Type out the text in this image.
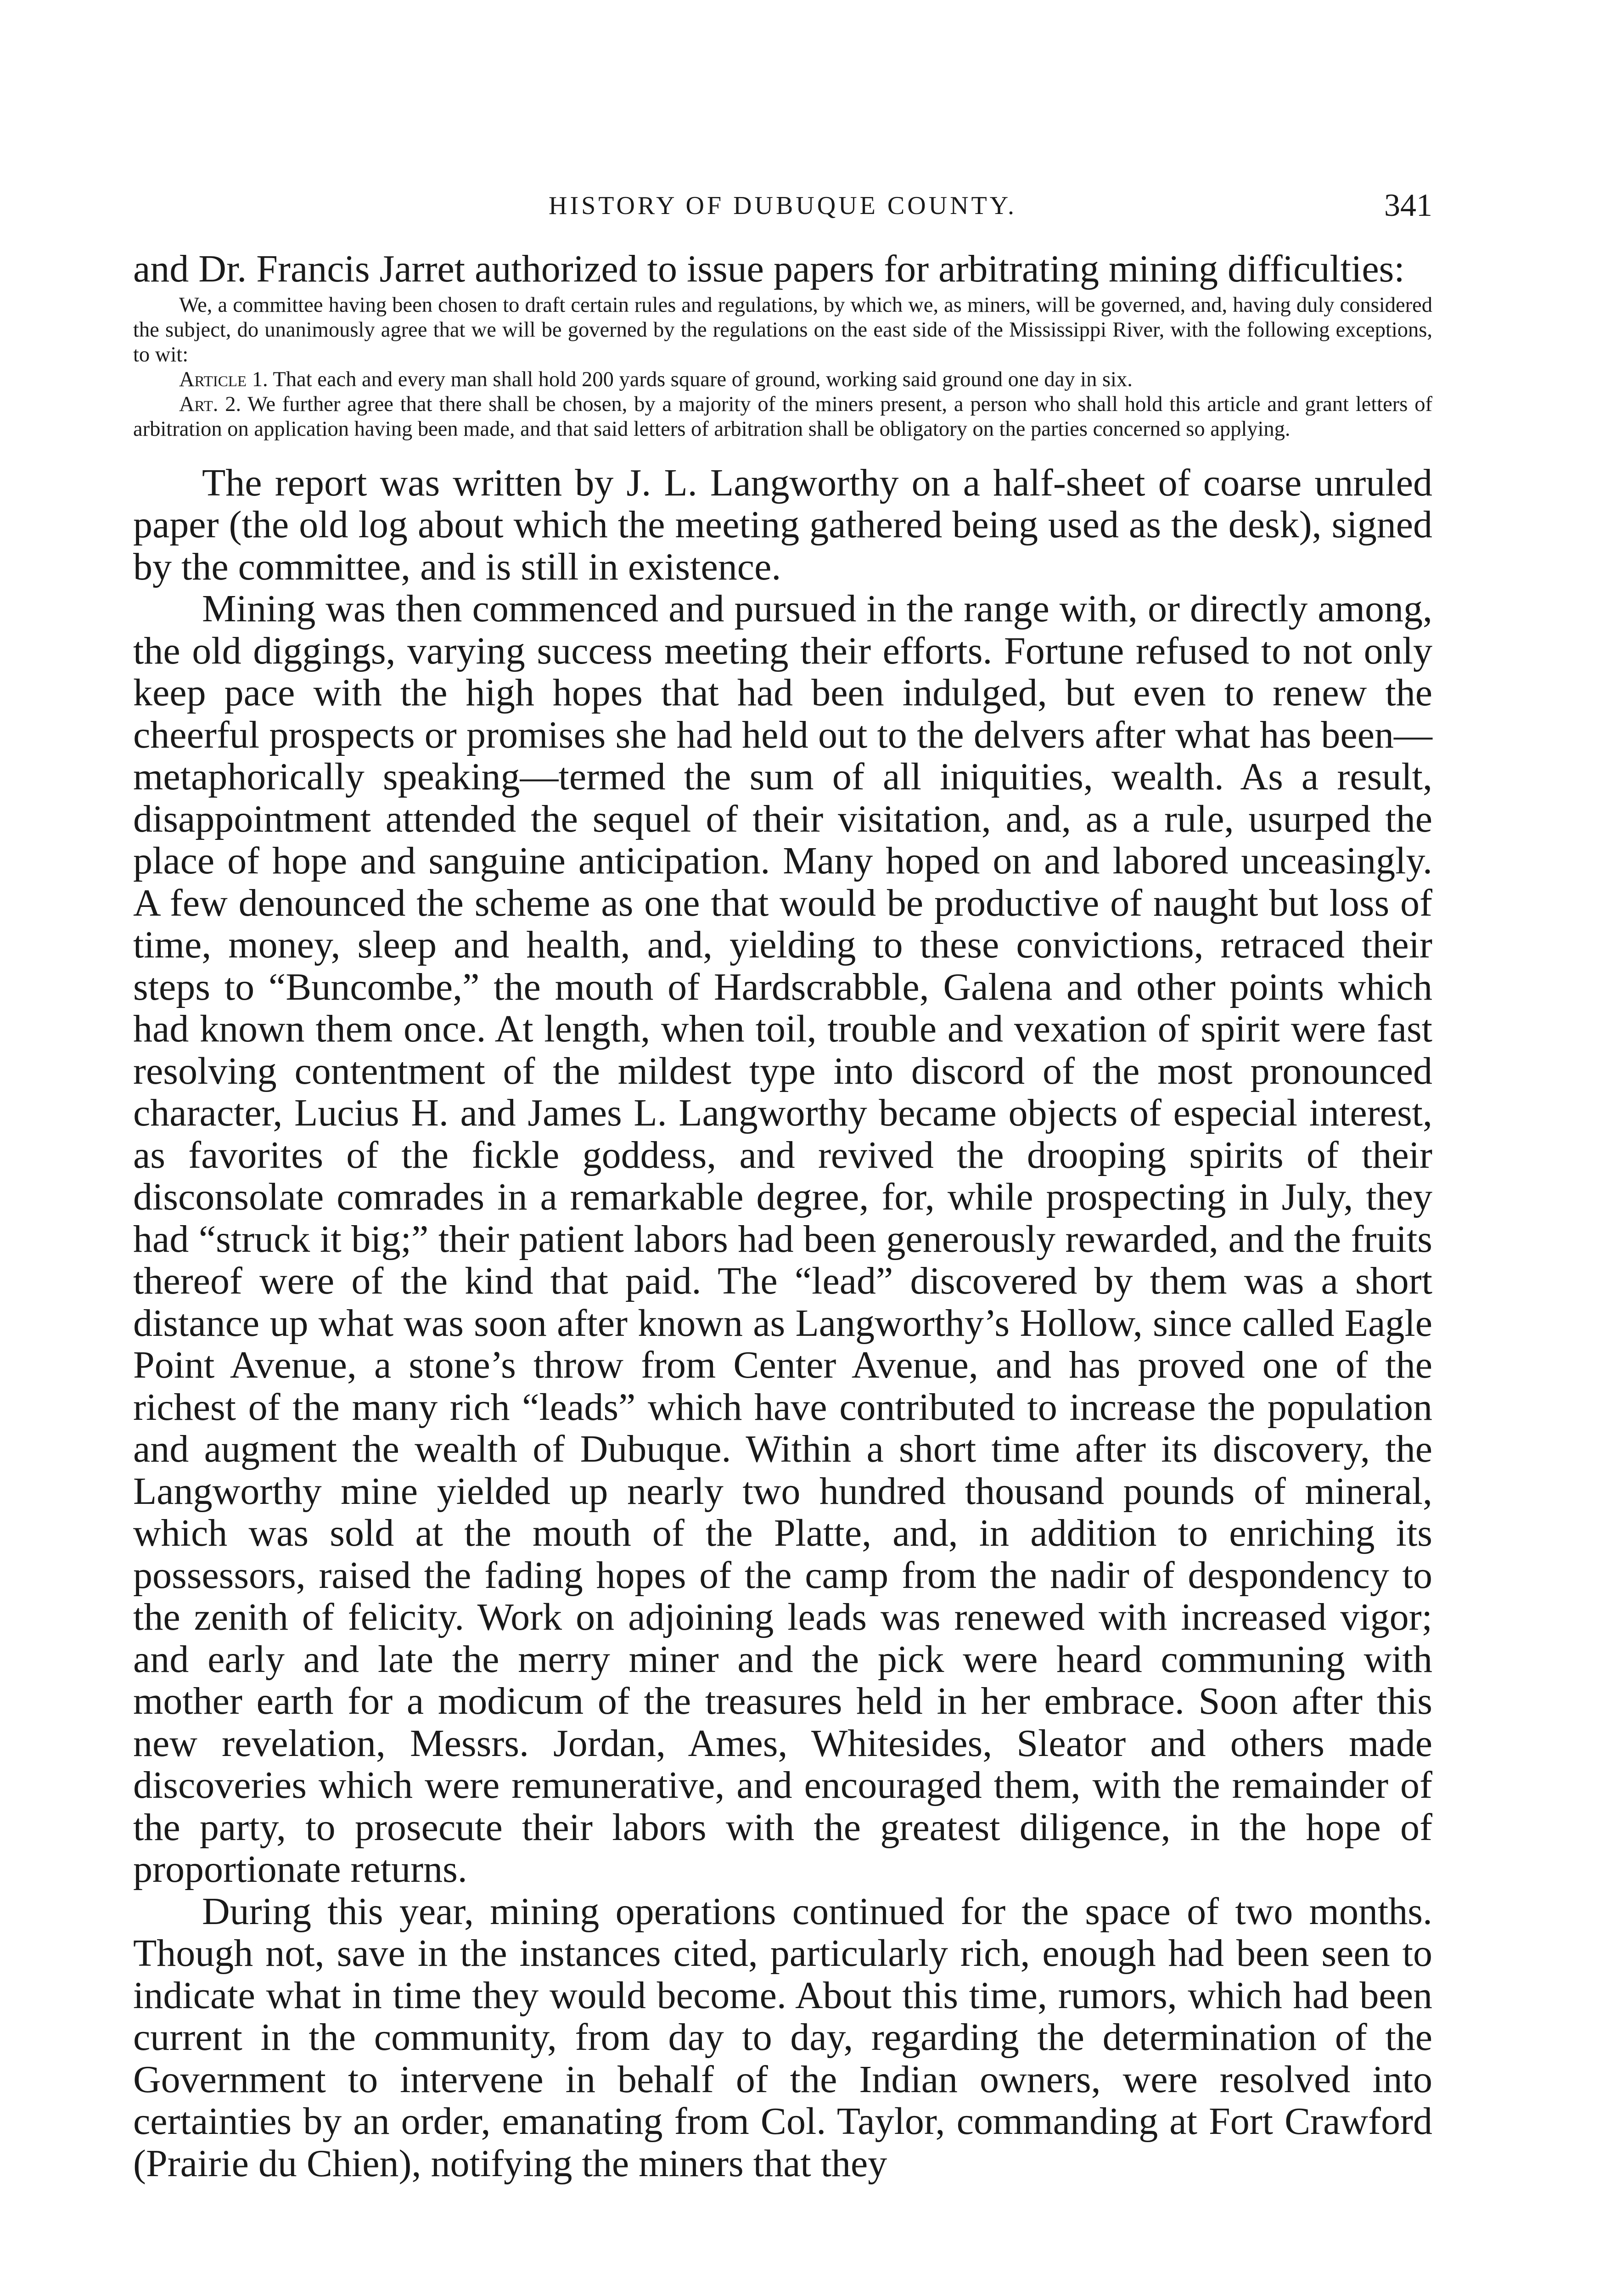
HISTORY OF DUBUQUE COUNTY.	341

and Dr. Francis Jarret authorized to issue papers for arbitrating mining difficulties:

We, a committee having been chosen to draft certain rules and regulations, by which we, as miners, will be governed, and, having duly considered the subject, do unanimously agree that we will be governed by the regulations on the east side of the Mississippi River, with the following exceptions, to wit:

Article 1. That each and every man shall hold 200 yards square of ground, working said ground one day in six.

Art. 2. We further agree that there shall be chosen, by a majority of the miners present, a person who shall hold this article and grant letters of arbitration on application having been made, and that said letters of arbitration shall be obligatory on the parties concerned so applying.

The report was written by J. L. Langworthy on a half-sheet of coarse unruled paper (the old log about which the meeting gathered being used as the desk), signed by the committee, and is still in existence.

Mining was then commenced and pursued in the range with, or directly among, the old diggings, varying success meeting their efforts. Fortune refused to not only keep pace with the high hopes that had been indulged, but even to renew the cheerful prospects or promises she had held out to the delvers after what has been—metaphorically speaking—termed the sum of all iniquities, wealth. As a result, disappointment attended the sequel of their visitation, and, as a rule, usurped the place of hope and sanguine anticipation. Many hoped on and labored unceasingly. A few denounced the scheme as one that would be productive of naught but loss of time, money, sleep and health, and, yielding to these convictions, retraced their steps to “Buncombe,” the mouth of Hardscrabble, Galena and other points which had known them once. At length, when toil, trouble and vexation of spirit were fast resolving contentment of the mildest type into discord of the most pronounced character, Lucius H. and James L. Langworthy became objects of especial interest, as favorites of the fickle goddess, and revived the drooping spirits of their disconsolate comrades in a remarkable degree, for, while prospecting in July, they had “struck it big;” their patient labors had been generously rewarded, and the fruits thereof were of the kind that paid. The “lead” discovered by them was a short distance up what was soon after known as Langworthy’s Hollow, since called Eagle Point Avenue, a stone’s throw from Center Avenue, and has proved one of the richest of the many rich “leads” which have contributed to increase the population and augment the wealth of Dubuque. Within a short time after its discovery, the Langworthy mine yielded up nearly two hundred thousand pounds of mineral, which was sold at the mouth of the Platte, and, in addition to enriching its possessors, raised the fading hopes of the camp from the nadir of despondency to the zenith of felicity. Work on adjoining leads was renewed with increased vigor; and early and late the merry miner and the pick were heard communing with mother earth for a modicum of the treasures held in her embrace. Soon after this new revelation, Messrs. Jordan, Ames, Whitesides, Sleator and others made discoveries which were remunerative, and encouraged them, with the remainder of the party, to prosecute their labors with the greatest diligence, in the hope of proportionate returns.

During this year, mining operations continued for the space of two months. Though not, save in the instances cited, particularly rich, enough had been seen to indicate what in time they would become. About this time, rumors, which had been current in the community, from day to day, regarding the determination of the Government to intervene in behalf of the Indian owners, were resolved into certainties by an order, emanating from Col. Taylor, commanding at Fort Crawford (Prairie du Chien), notifying the miners that they
